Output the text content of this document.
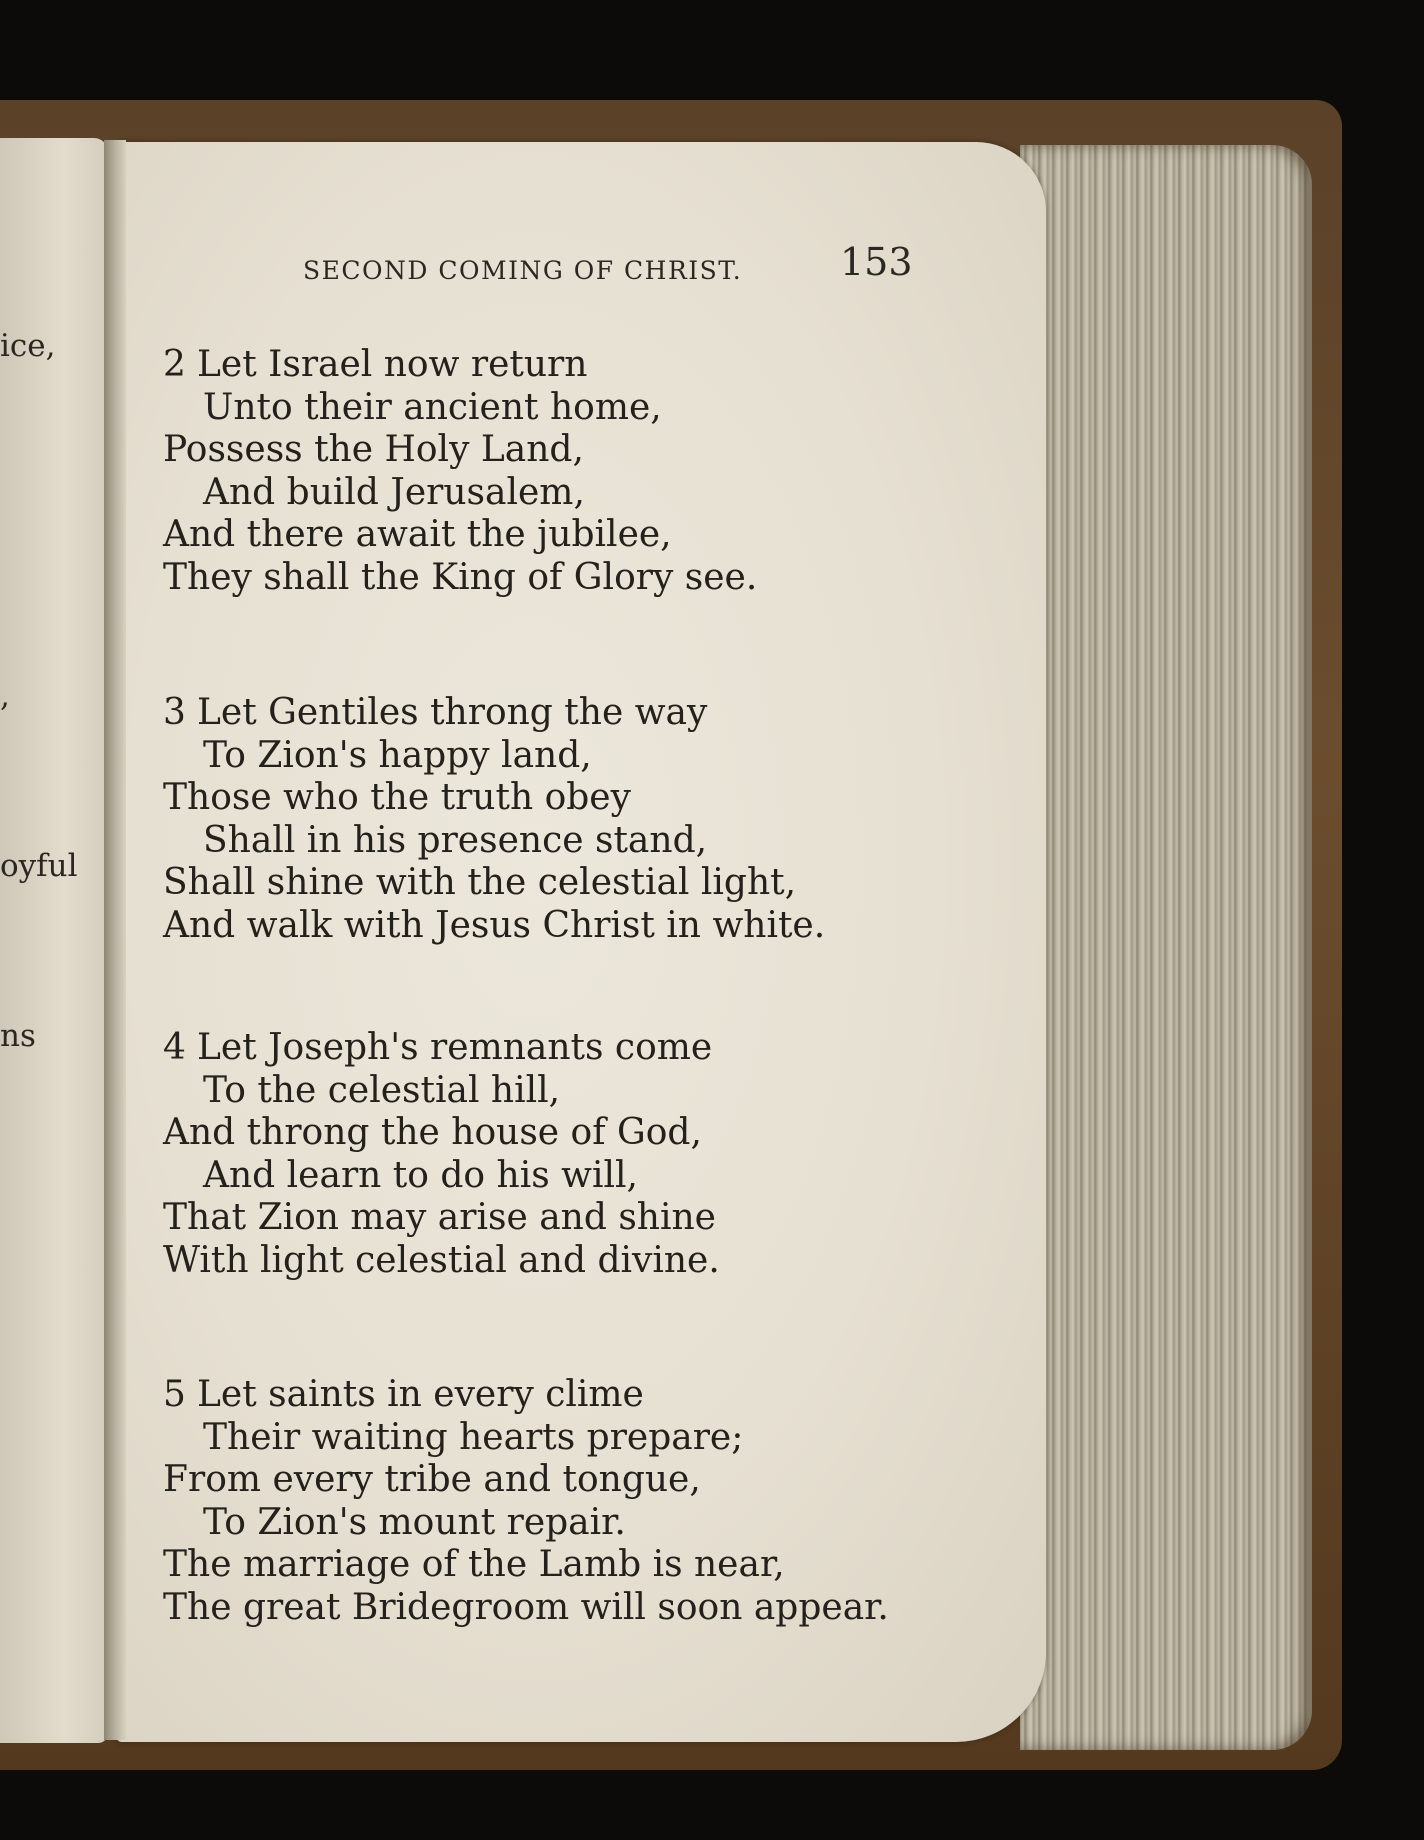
ice,
,
oyful
ns
SECOND COMING OF CHRIST.	153
2 Let Israel now return
Unto their ancient home,
Possess the Holy Land,
And build Jerusalem,
And there await the jubilee,
They shall the King of Glory see.
3 Let Gentiles throng the way
To Zion's happy land,
Those who the truth obey
Shall in his presence stand,
Shall shine with the celestial light,
And walk with Jesus Christ in white.
4 Let Joseph's remnants come
To the celestial hill,
And throng the house of God,
And learn to do his will,
That Zion may arise and shine
With light celestial and divine.
5 Let saints in every clime
Their waiting hearts prepare;
From every tribe and tongue,
To Zion's mount repair.
The marriage of the Lamb is near,
The great Bridegroom will soon appear.
